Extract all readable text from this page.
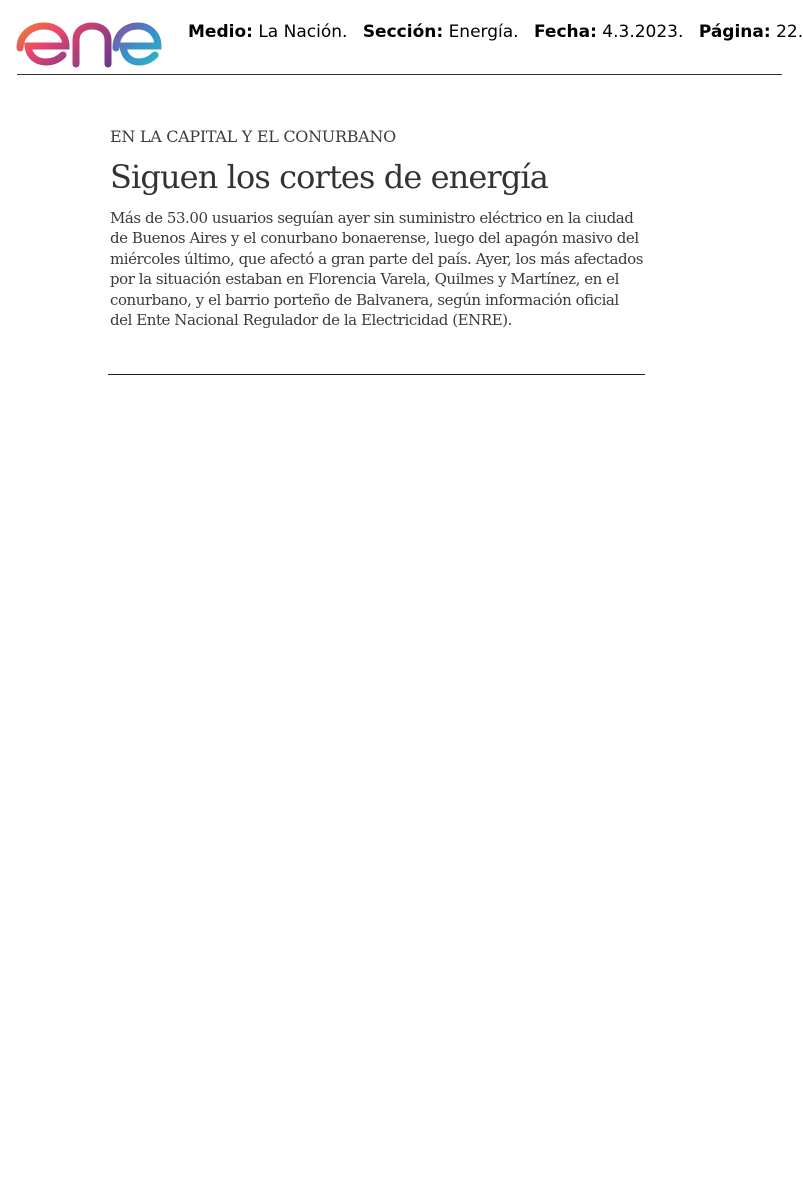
Medio: La Nación. Sección: Energía. Fecha: 4.3.2023. Página: 22.

EN LA CAPITAL Y EL CONURBANO

Siguen los cortes de energía

Más de 53.00 usuarios seguían ayer sin suministro eléctrico en la ciudad
de Buenos Aires y el conurbano bonaerense, luego del apagón masivo del
miércoles último, que afectó a gran parte del país. Ayer, los más afectados
por la situación estaban en Florencia Varela, Quilmes y Martínez, en el
conurbano, y el barrio porteño de Balvanera, según información oficial
del Ente Nacional Regulador de la Electricidad (ENRE).
